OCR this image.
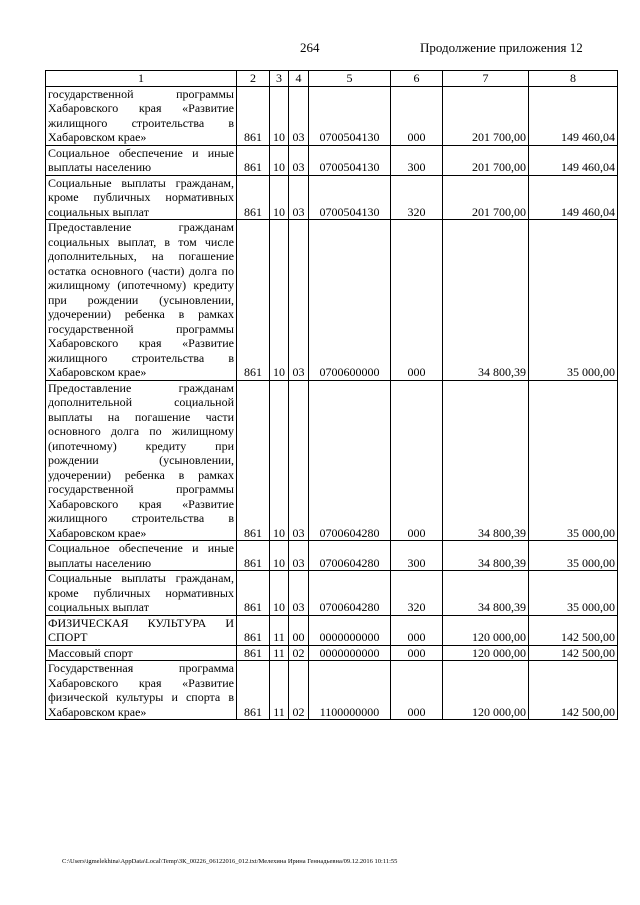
264	Продолжение приложения 12
1	2	3	4	5	6	7	8
государственной программы Хабаровского края «Развитие жилищного строительства в Хабаровском крае»	861	10	03	0700504130	000	201 700,00	149 460,04
Социальное обеспечение и иные выплаты населению	861	10	03	0700504130	300	201 700,00	149 460,04
Социальные выплаты гражданам, кроме публичных нормативных социальных выплат	861	10	03	0700504130	320	201 700,00	149 460,04
Предоставление гражданам социальных выплат, в том числе дополнительных, на погашение остатка основного (части) долга по жилищному (ипотечному) кредиту при рождении (усыновлении, удочерении) ребенка в рамках государственной программы Хабаровского края «Развитие жилищного строительства в Хабаровском крае»	861	10	03	0700600000	000	34 800,39	35 000,00
Предоставление гражданам дополнительной социальной выплаты на погашение части основного долга по жилищному (ипотечному) кредиту при рождении (усыновлении, удочерении) ребенка в рамках государственной программы Хабаровского края «Развитие жилищного строительства в Хабаровском крае»	861	10	03	0700604280	000	34 800,39	35 000,00
Социальное обеспечение и иные выплаты населению	861	10	03	0700604280	300	34 800,39	35 000,00
Социальные выплаты гражданам, кроме публичных нормативных социальных выплат	861	10	03	0700604280	320	34 800,39	35 000,00
ФИЗИЧЕСКАЯ КУЛЬТУРА И СПОРТ	861	11	00	0000000000	000	120 000,00	142 500,00
Массовый спорт	861	11	02	0000000000	000	120 000,00	142 500,00
Государственная программа Хабаровского края «Развитие физической культуры и спорта в Хабаровском крае»	861	11	02	1100000000	000	120 000,00	142 500,00
C:\Users\igmelekhina\AppData\Local\Temp\ЗК_00226_06122016_012.txt/Мелехина Ирина Геннадьевна/09.12.2016 10:11:55
